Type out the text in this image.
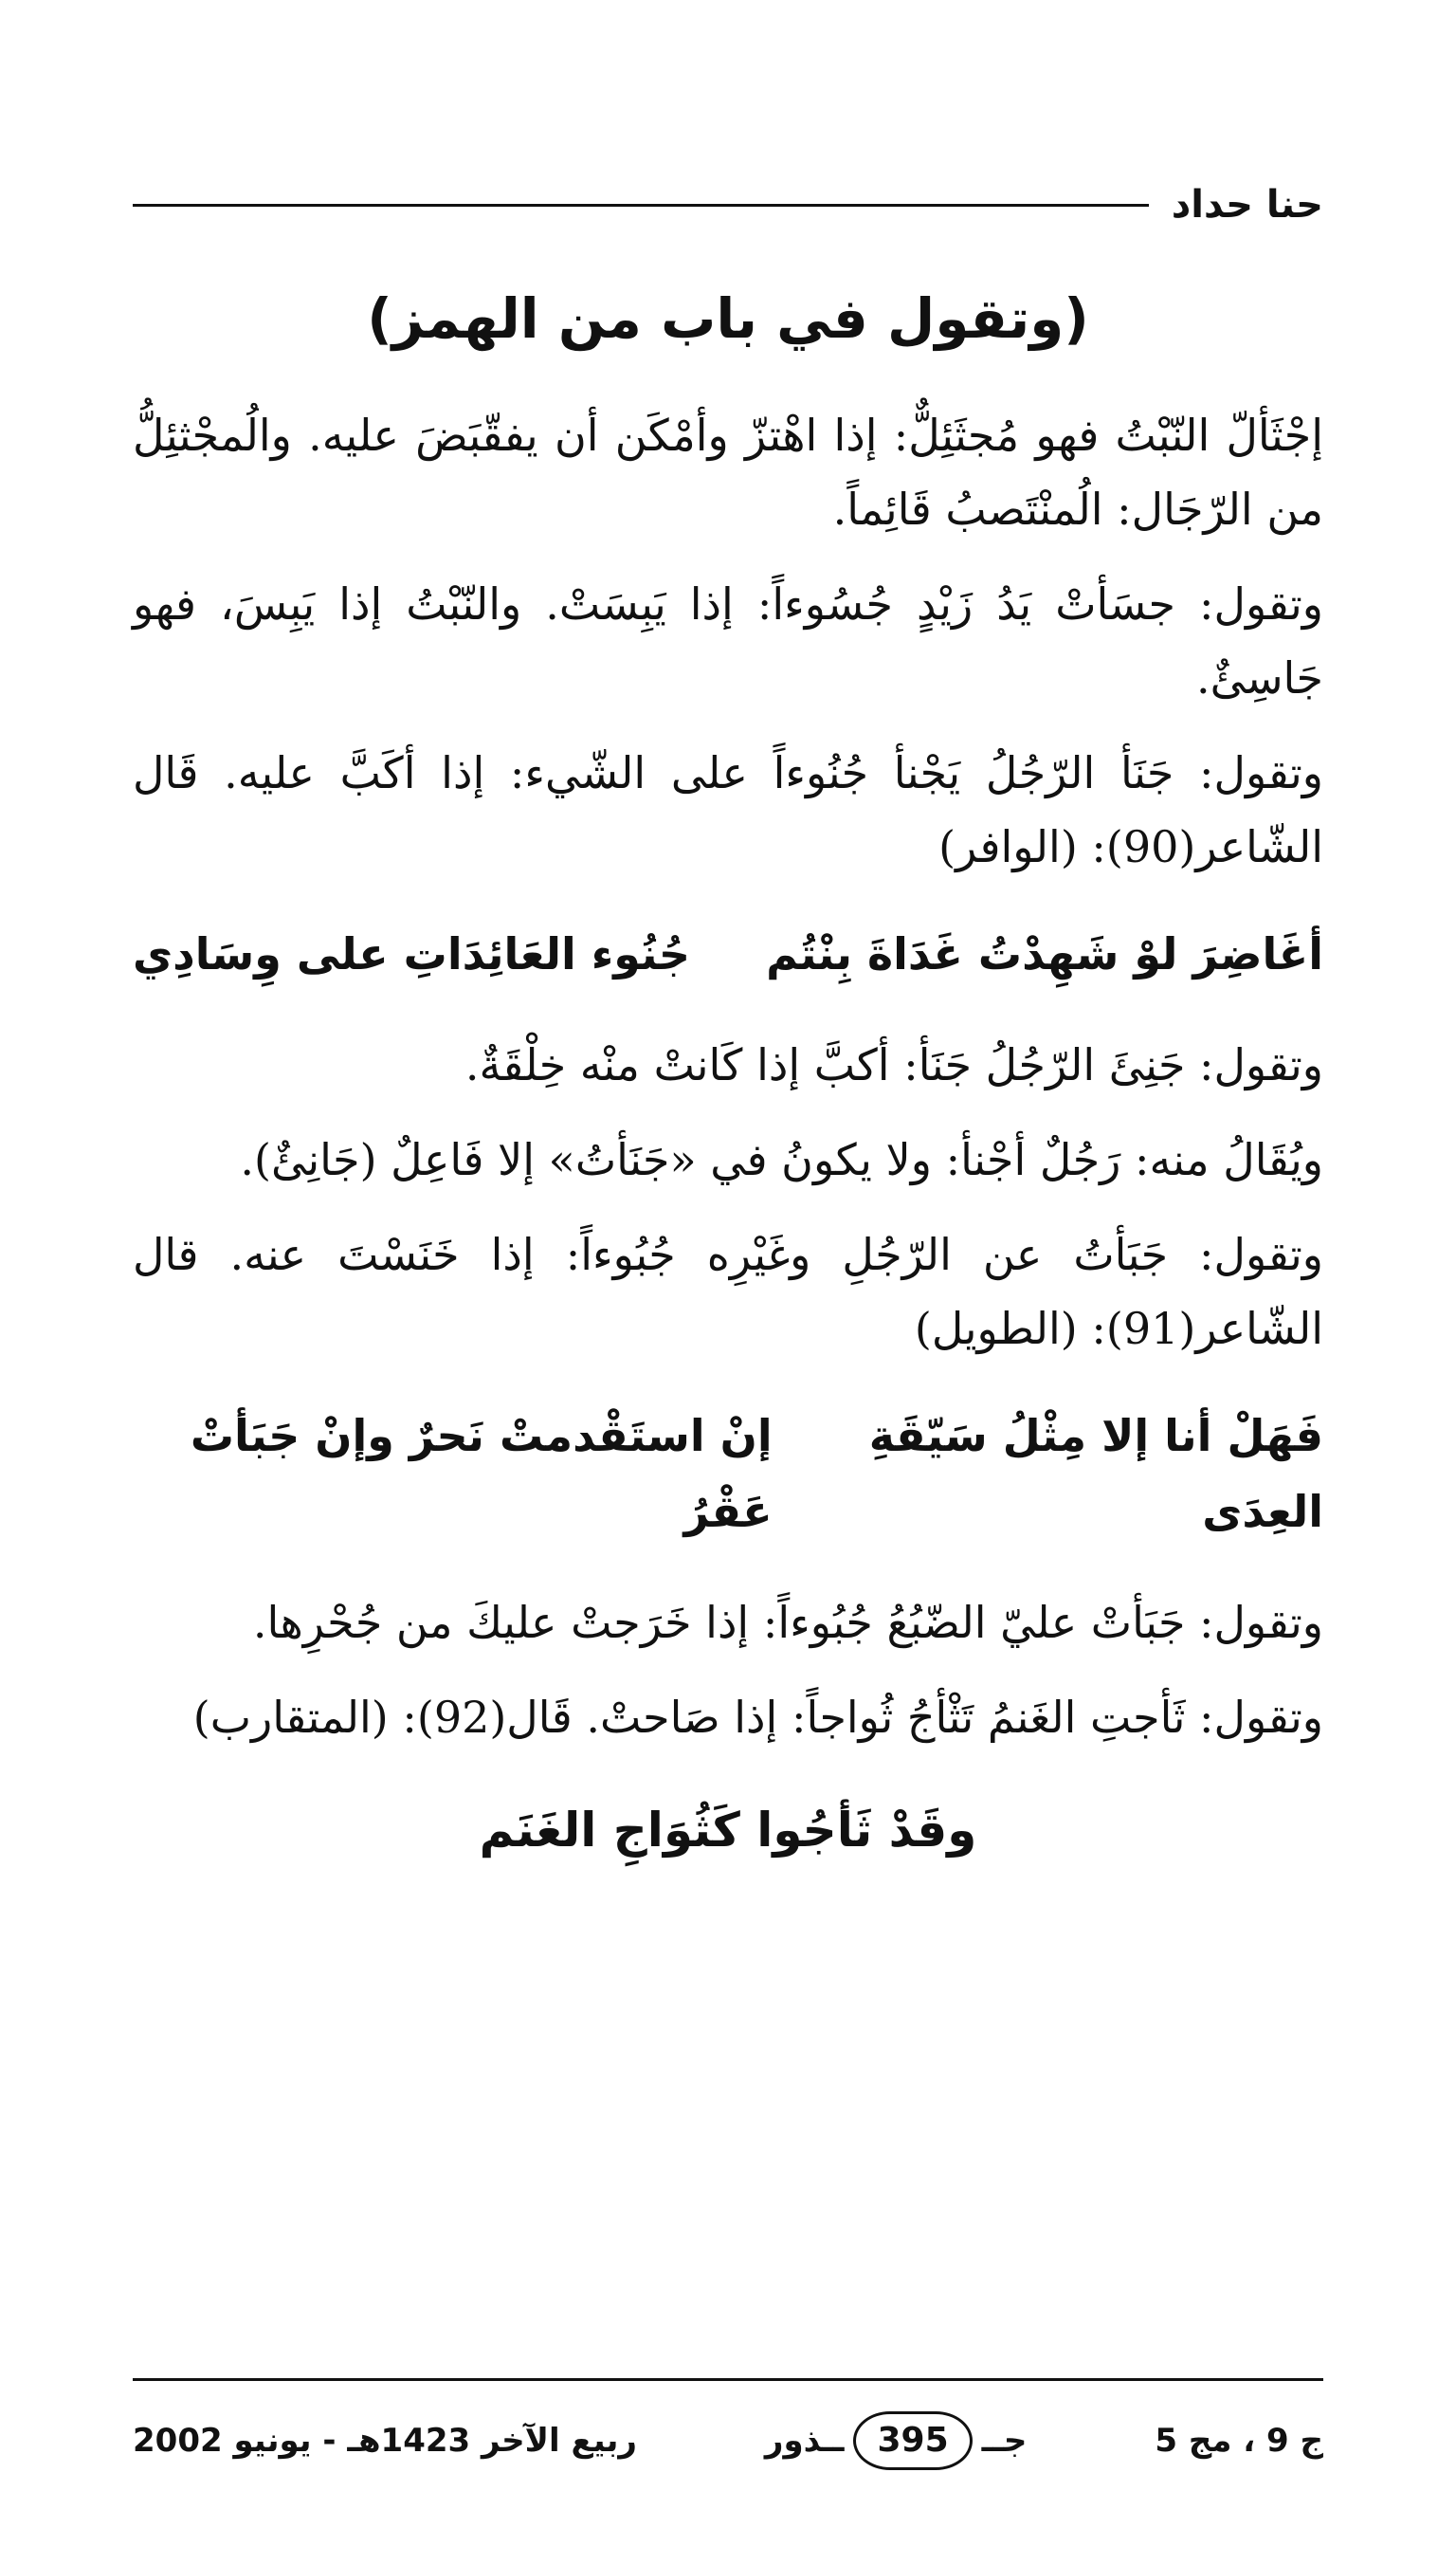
حنا حداد
(وتقول في باب من الهمز)

إجْثَألّ النّبْتُ فهو مُجثَئِلٌّ: إذا اهْتزّ وأمْكَن أن يفقّبَضَ عليه. والُمجْثئِلُّ من الرّجَال: الُمنْتَصبُ قَائِماً.

وتقول: جسَأتْ يَدُ زَيْدٍ جُسُوءاً: إذا يَبِسَتْ. والنّبْتُ إذا يَبِسَ، فهو جَاسِئٌ.

وتقول: جَنَأ الرّجُلُ يَجْنأ جُنُوءاً على الشّيء: إذا أكَبَّ عليه. قَال الشّاعر(90): (الوافر)

أغَاضِرَ لوْ شَهِدْتُ غَدَاةَ بِنْتُم
جُنُوء العَائِدَاتِ على وِسَادِي

وتقول: جَنِئَ الرّجُلُ جَنَأ: أكبَّ إذا كَانتْ منْه خِلْقَةٌ.

ويُقَالُ منه: رَجُلٌ أجْنأ: ولا يكونُ في «جَنَأتُ» إلا فَاعِلٌ (جَانِئٌ).

وتقول: جَبَأتُ عن الرّجُلِ وغَيْرِه جُبُوءاً: إذا خَنَسْتَ عنه. قال الشّاعر(91): (الطويل)

فَهَلْ أنا إلا مِثْلُ سَيّقَةِ العِدَى
إنْ استَقْدمتْ نَحرٌ وإنْ جَبَأتْ عَقْرُ

وتقول: جَبَأتْ عليّ الضّبُعُ جُبُوءاً: إذا خَرَجتْ عليكَ من جُحْرِها.

وتقول: ثَأجتِ الغَنمُ تَثْأجُ ثُواجاً: إذا صَاحتْ. قَال(92): (المتقارب)

وقَدْ ثَأجُوا كَثُوَاجِ الغَنَم
ج 9 ، مج 5
جــ
395
ــذور
ربيع الآخر 1423هـ - يونيو 2002
